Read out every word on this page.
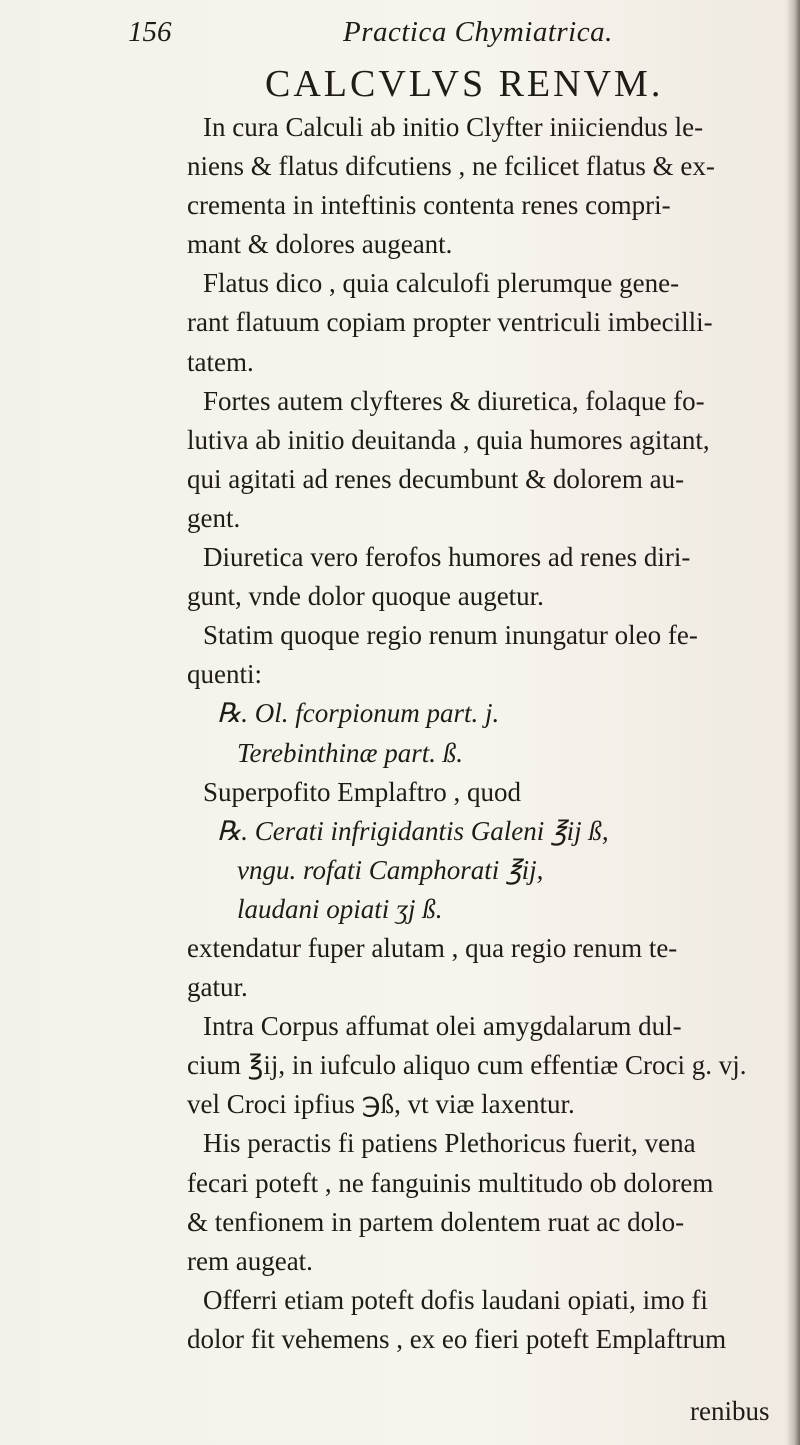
156	Practica Chymiatrica.
CALCVLVS RENVM.
In cura Calculi ab initio Clyfter iniiciendus le-
niens & flatus difcutiens , ne fcilicet flatus & ex-
crementa in inteftinis contenta renes compri-
mant & dolores augeant.
Flatus dico , quia calculofi plerumque gene-
rant flatuum copiam propter ventriculi imbecilli-
tatem.
Fortes autem clyfteres & diuretica, folaque fo-
lutiva ab initio deuitanda , quia humores agitant,
qui agitati ad renes decumbunt & dolorem au-
gent.
Diuretica vero ferofos humores ad renes diri-
gunt, vnde dolor quoque augetur.
Statim quoque regio renum inungatur oleo fe-
quenti:
℞. Ol. fcorpionum part. j.
Terebinthinæ part. ß.
Superpofito Emplaftro , quod
℞. Cerati infrigidantis Galeni ℥ij ß,
vngu. rofati Camphorati ℥ij,
laudani opiati ʒj ß.
extendatur fuper alutam , qua regio renum te-
gatur.
Intra Corpus affumat olei amygdalarum dul-
cium ℥ij, in iufculo aliquo cum effentiæ Croci g. vj.
vel Croci ipfius ℈ß, vt viæ laxentur.
His peractis fi patiens Plethoricus fuerit, vena
fecari poteft , ne fanguinis multitudo ob dolorem
& tenfionem in partem dolentem ruat ac dolo-
rem augeat.
Offerri etiam poteft dofis laudani opiati, imo fi
dolor fit vehemens , ex eo fieri poteft Emplaftrum
renibus
